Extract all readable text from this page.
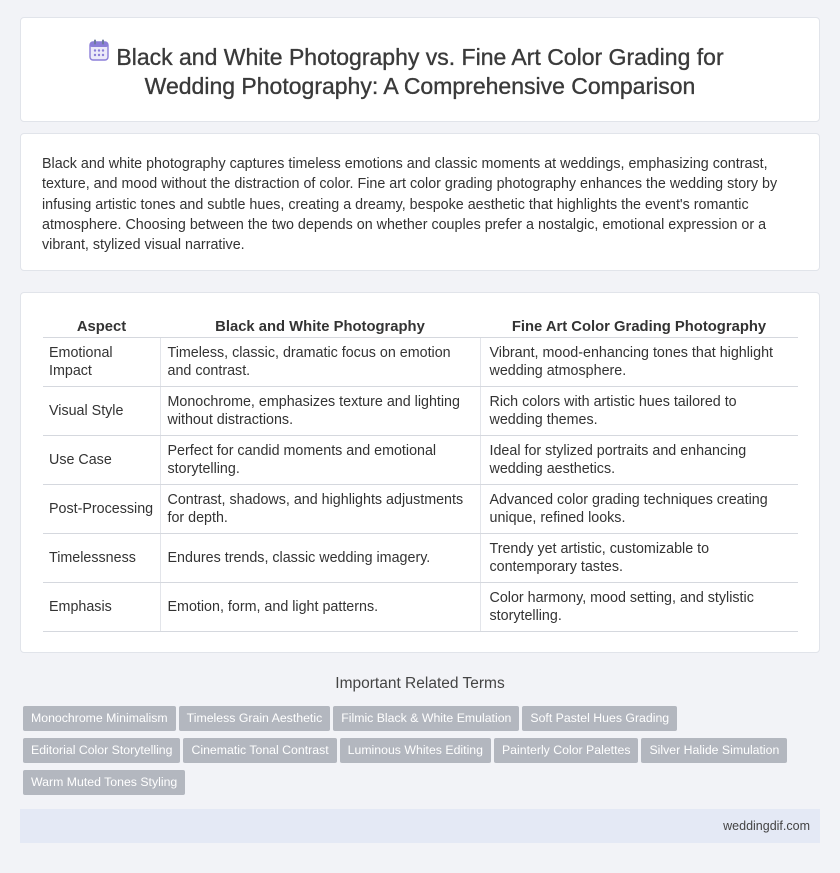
Black and White Photography vs. Fine Art Color Grading for
Wedding Photography: A Comprehensive Comparison

Black and white photography captures timeless emotions and classic moments at weddings, emphasizing contrast, texture, and mood without the distraction of color. Fine art color grading photography enhances the wedding story by infusing artistic tones and subtle hues, creating a dreamy, bespoke aesthetic that highlights the event's romantic atmosphere. Choosing between the two depends on whether couples prefer a nostalgic, emotional expression or a vibrant, stylized visual narrative.

Aspect	Black and White Photography	Fine Art Color Grading Photography
Emotional Impact	Timeless, classic, dramatic focus on emotion and contrast.	Vibrant, mood-enhancing tones that highlight wedding atmosphere.
Visual Style	Monochrome, emphasizes texture and lighting without distractions.	Rich colors with artistic hues tailored to wedding themes.
Use Case	Perfect for candid moments and emotional storytelling.	Ideal for stylized portraits and enhancing wedding aesthetics.
Post-Processing	Contrast, shadows, and highlights adjustments for depth.	Advanced color grading techniques creating unique, refined looks.
Timelessness	Endures trends, classic wedding imagery.	Trendy yet artistic, customizable to contemporary tastes.
Emphasis	Emotion, form, and light patterns.	Color harmony, mood setting, and stylistic storytelling.
Important Related Terms
Monochrome Minimalism Timeless Grain Aesthetic Filmic Black & White Emulation Soft Pastel Hues Grading
Editorial Color Storytelling Cinematic Tonal Contrast Luminous Whites Editing Painterly Color Palettes Silver Halide Simulation
Warm Muted Tones Styling
weddingdif.com
